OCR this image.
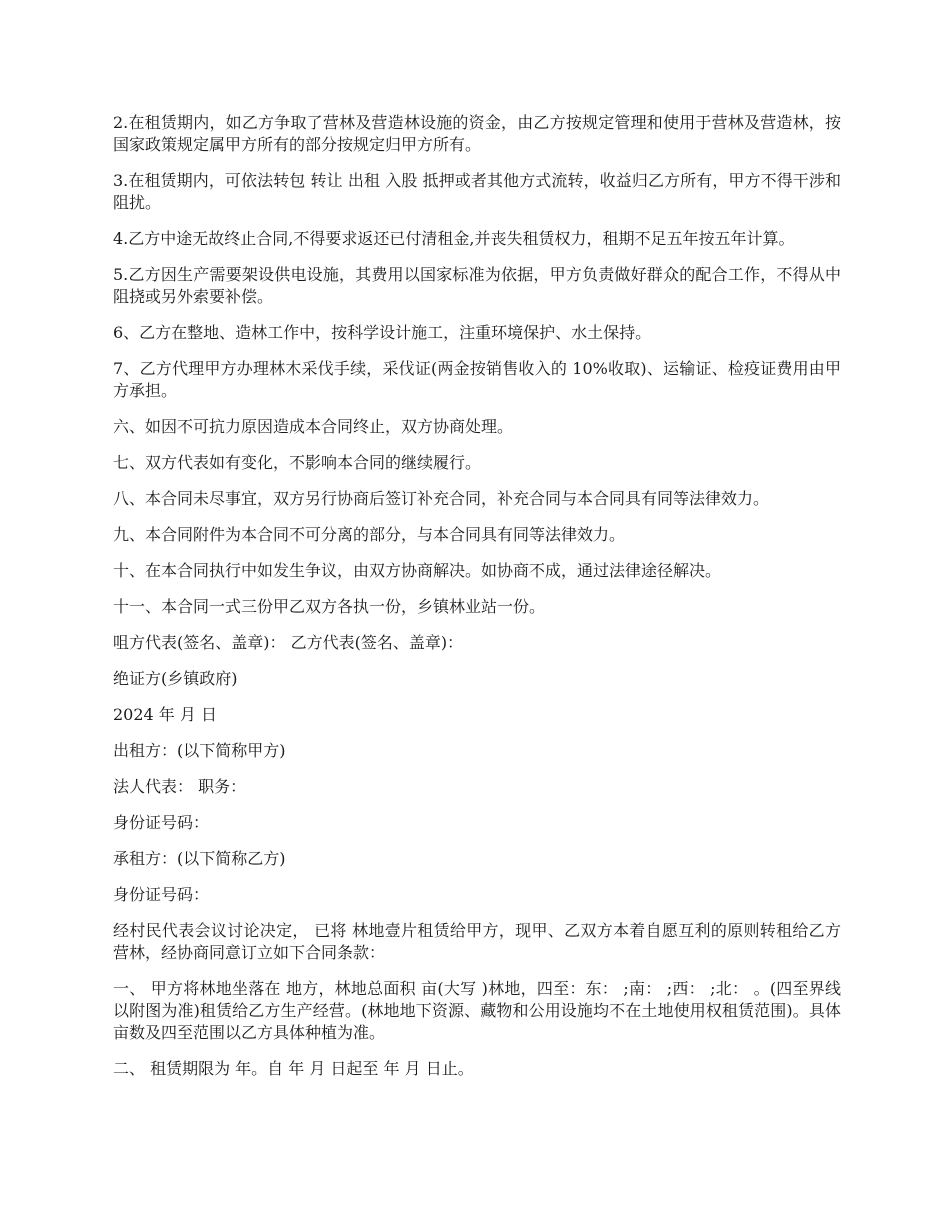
2.在租赁期内，如乙方争取了营林及营造林设施的资金，由乙方按规定管理和使用于营林及营造林，按国家政策规定属甲方所有的部分按规定归甲方所有。

3.在租赁期内，可依法转包 转让 出租 入股 抵押或者其他方式流转，收益归乙方所有，甲方不得干涉和阻扰。

4.乙方中途无故终止合同,不得要求返还已付清租金,并丧失租赁权力，租期不足五年按五年计算。

5.乙方因生产需要架设供电设施，其费用以国家标准为依据，甲方负责做好群众的配合工作，不得从中阻挠或另外索要补偿。

6、乙方在整地、造林工作中，按科学设计施工，注重环境保护、水土保持。

7、乙方代理甲方办理林木采伐手续，采伐证(两金按销售收入的 10%收取)、运输证、检疫证费用由甲方承担。

六、如因不可抗力原因造成本合同终止，双方协商处理。

七、双方代表如有变化，不影响本合同的继续履行。

八、本合同未尽事宜，双方另行协商后签订补充合同，补充合同与本合同具有同等法律效力。

九、本合同附件为本合同不可分离的部分，与本合同具有同等法律效力。

十、在本合同执行中如发生争议，由双方协商解决。如协商不成，通过法律途径解决。

十一、本合同一式三份甲乙双方各执一份，乡镇林业站一份。

咀方代表(签名、盖章)： 乙方代表(签名、盖章)：

绝证方(乡镇政府)

2024 年 月 日

出租方：(以下简称甲方)

法人代表： 职务：

身份证号码：

承租方：(以下简称乙方)

身份证号码：

经村民代表会议讨论决定， 已将 林地壹片租赁给甲方，现甲、乙双方本着自愿互利的原则转租给乙方营林，经协商同意订立如下合同条款：

一、 甲方将林地坐落在 地方，林地总面积 亩(大写 )林地，四至：东： ;南： ;西： ;北： 。(四至界线以附图为准)租赁给乙方生产经营。(林地地下资源、藏物和公用设施均不在土地使用权租赁范围)。具体亩数及四至范围以乙方具体种植为准。

二、 租赁期限为 年。自 年 月 日起至 年 月 日止。
